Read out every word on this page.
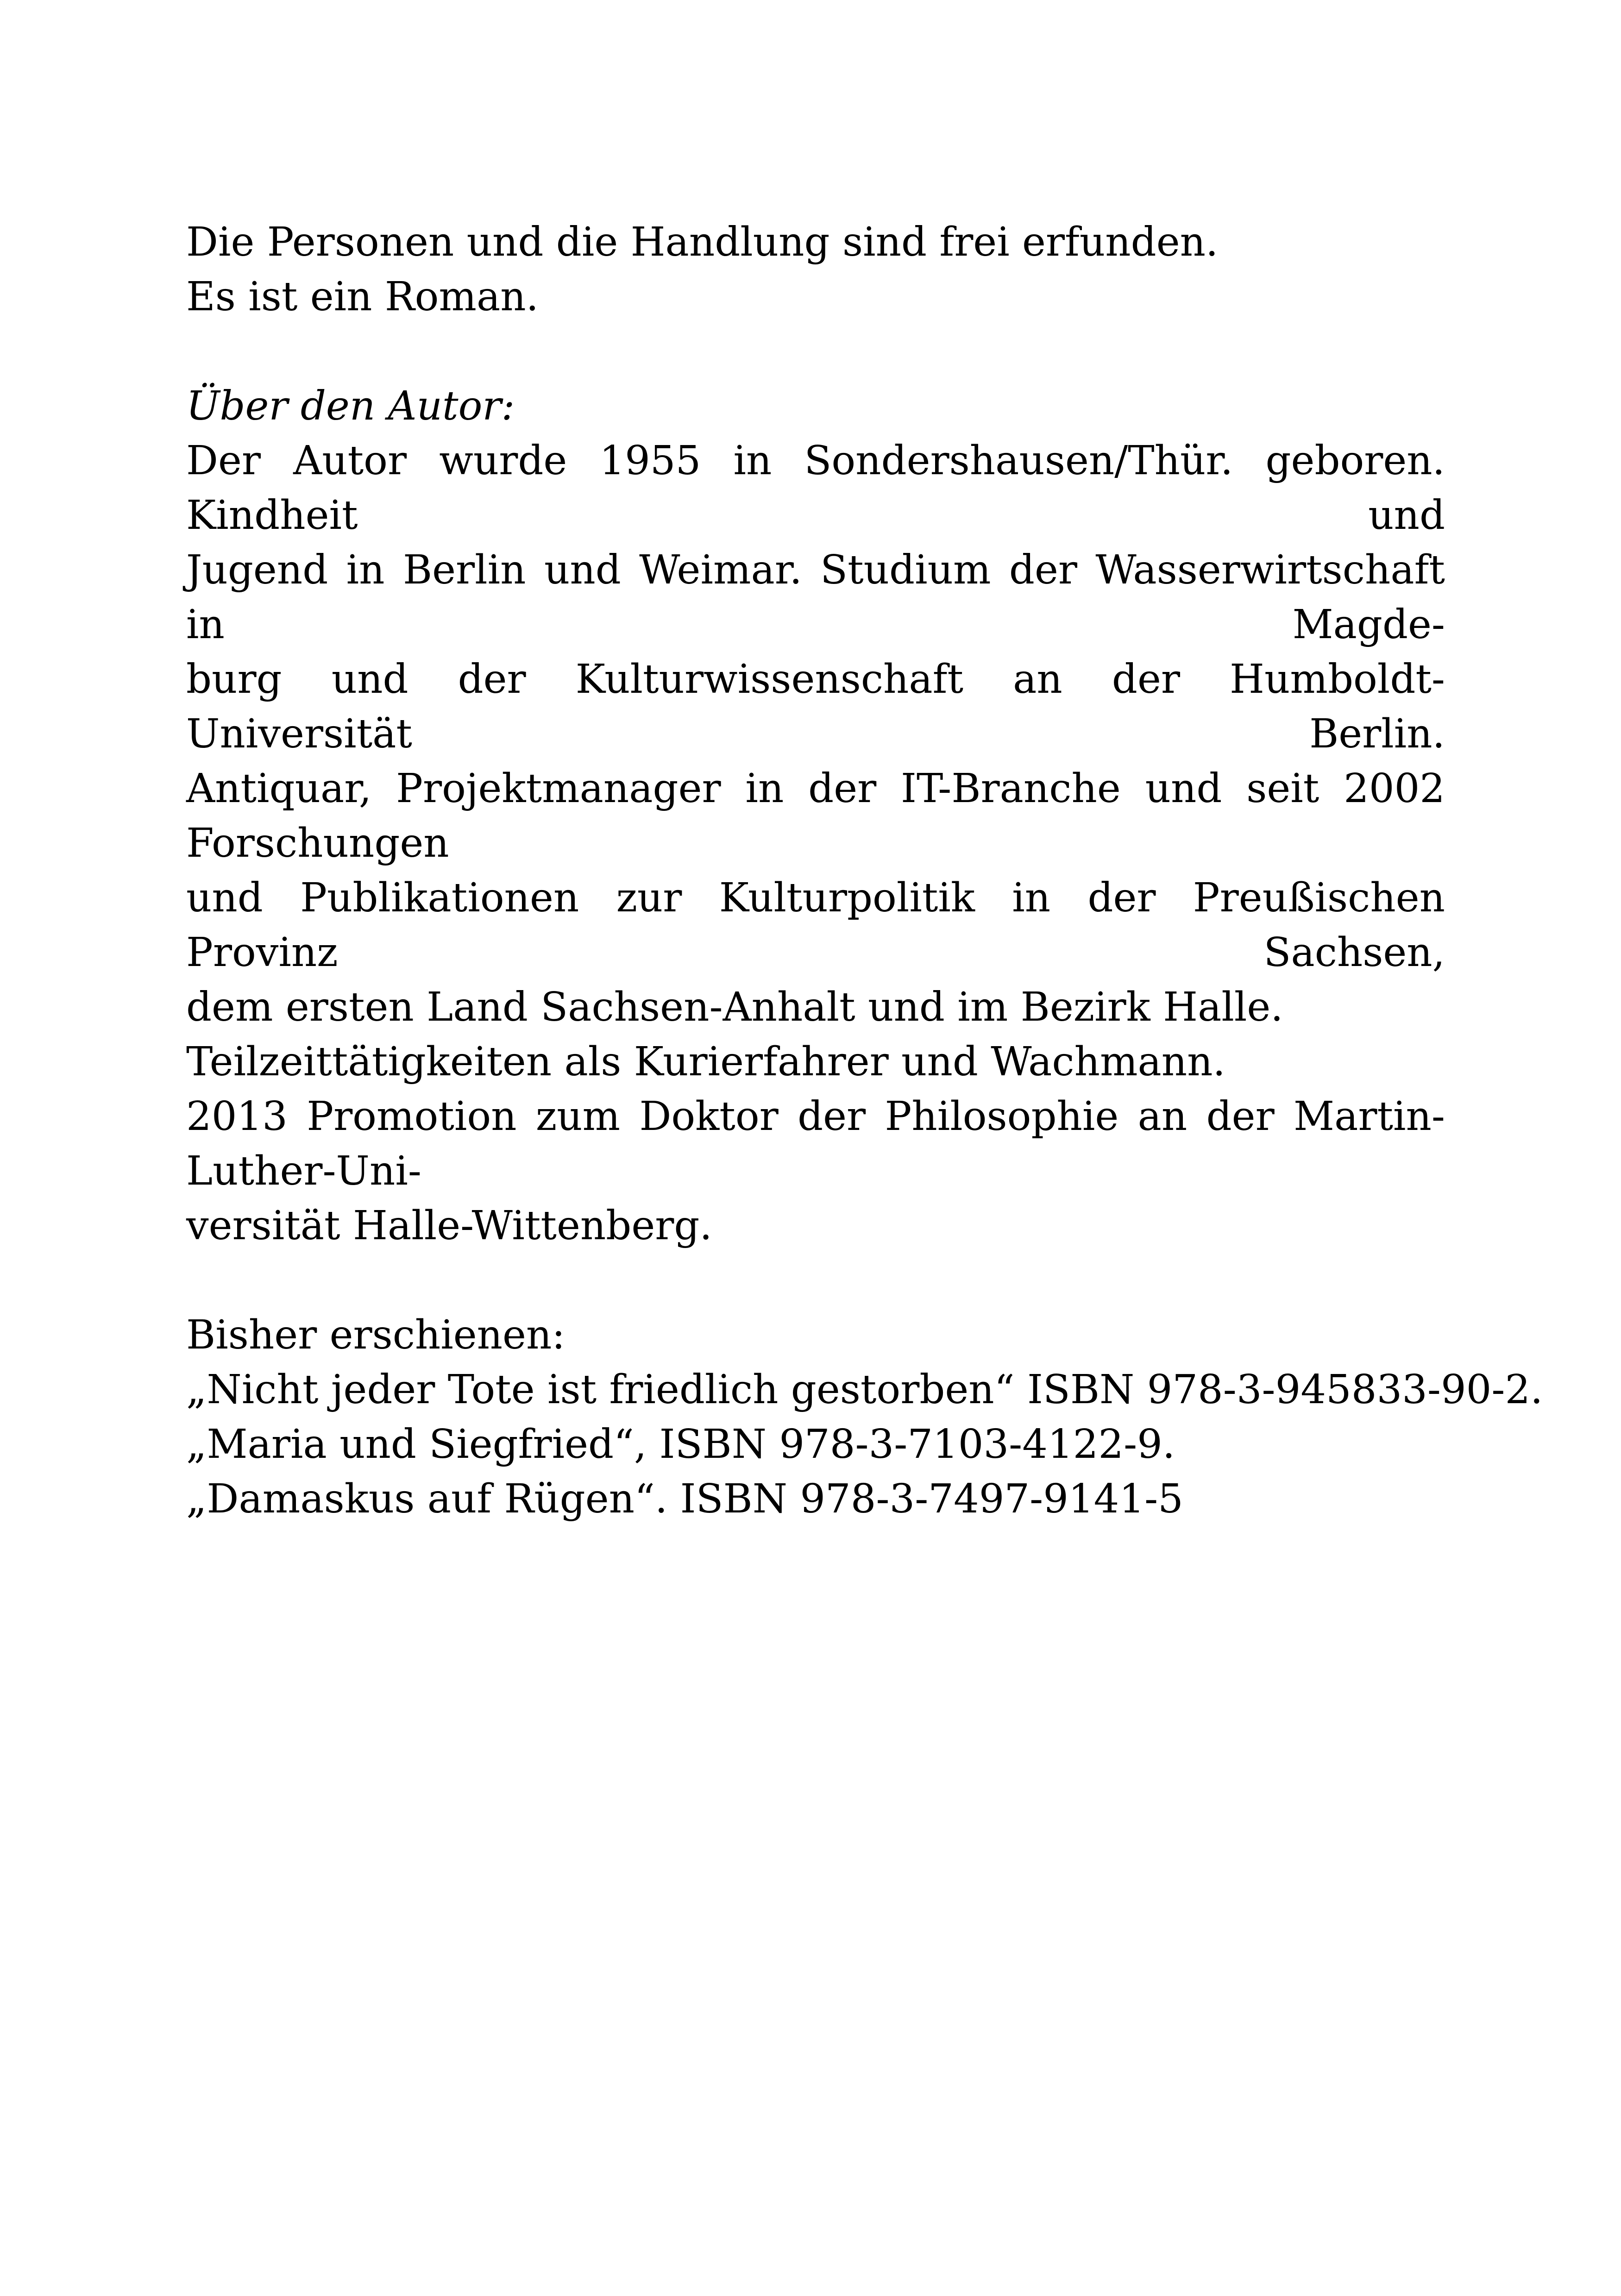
Die Personen und die Handlung sind frei erfunden.

Es ist ein Roman.

Über den Autor:

Der Autor wurde 1955 in Sondershausen/Thür. geboren. Kindheit und

Jugend in Berlin und Weimar. Studium der Wasserwirtschaft in Magde-

burg und der Kulturwissenschaft an der Humboldt-Universität Berlin.

Antiquar, Projektmanager in der IT-Branche und seit 2002 Forschungen

und Publikationen zur Kulturpolitik in der Preußischen Provinz Sachsen,

dem ersten Land Sachsen-Anhalt und im Bezirk Halle.

Teilzeittätigkeiten als Kurierfahrer und Wachmann.

2013 Promotion zum Doktor der Philosophie an der Martin-Luther-Uni-

versität Halle-Wittenberg.

Bisher erschienen:

„Nicht jeder Tote ist friedlich gestorben“ ISBN 978-3-945833-90-2.

„Maria und Siegfried“, ISBN 978-3-7103-4122-9.

„Damaskus auf Rügen“. ISBN 978-3-7497-9141-5
